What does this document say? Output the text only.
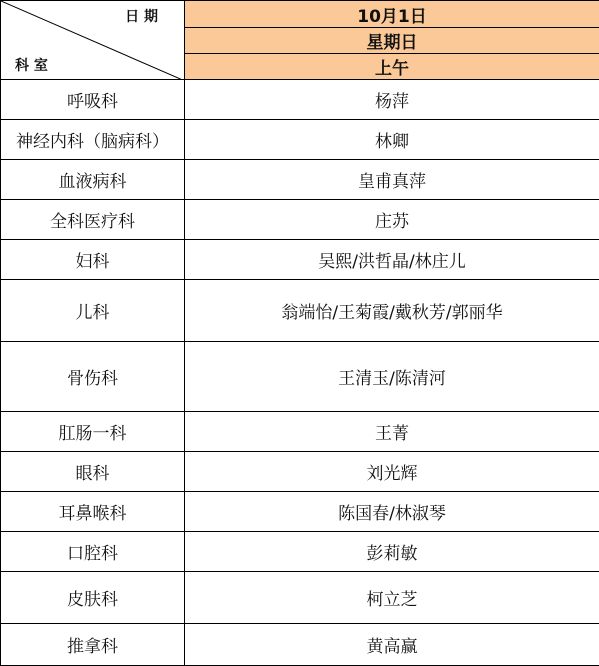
日 期
科 室	10月1日
	星期日
	上午
呼吸科	杨萍
神经内科（脑病科）	林卿
血液病科	皇甫真萍
全科医疗科	庄苏
妇科	吴熙/洪哲晶/林庄儿
儿科	翁端怡/王菊霞/戴秋芳/郭丽华
骨伤科	王清玉/陈清河
肛肠一科	王菁
眼科	刘光辉
耳鼻喉科	陈国春/林淑琴
口腔科	彭莉敏
皮肤科	柯立芝
推拿科	黄高赢
